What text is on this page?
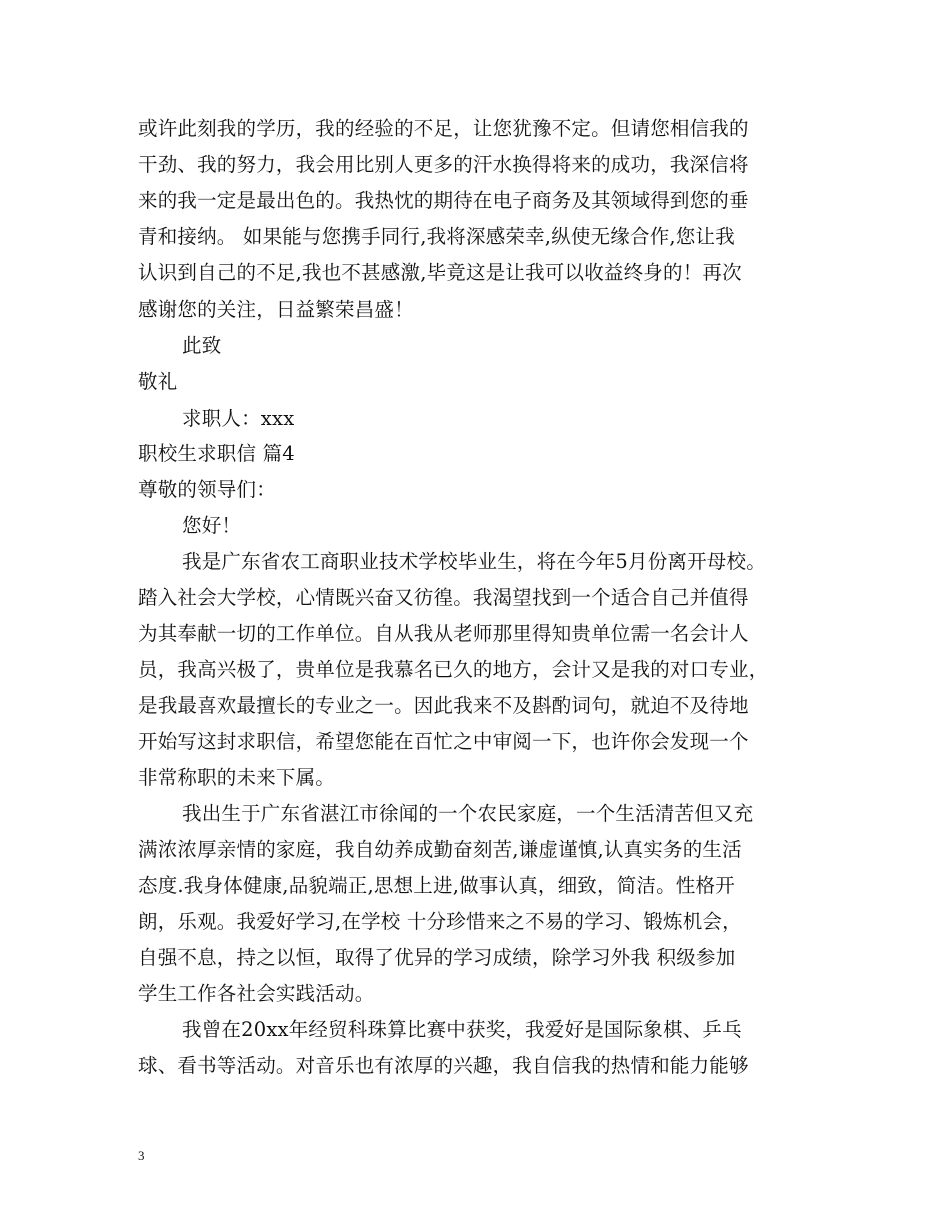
或许此刻我的学历，我的经验的不足，让您犹豫不定。但请您相信我的
干劲、我的努力，我会用比别人更多的汗水换得将来的成功，我深信将
来的我一定是最出色的。我热忱的期待在电子商务及其领域得到您的垂
青和接纳。 如果能与您携手同行,我将深感荣幸,纵使无缘合作,您让我
认识到自己的不足,我也不甚感激,毕竟这是让我可以收益终身的！再次
感谢您的关注，日益繁荣昌盛！
此致
敬礼
求职人：xxx
职校生求职信 篇4
尊敬的领导们：
您好！
我是广东省农工商职业技术学校毕业生，将在今年5月份离开母校。
踏入社会大学校，心情既兴奋又彷徨。我渴望找到一个适合自己并值得
为其奉献一切的工作单位。自从我从老师那里得知贵单位需一名会计人
员，我高兴极了，贵单位是我慕名已久的地方，会计又是我的对口专业，
是我最喜欢最擅长的专业之一。因此我来不及斟酌词句，就迫不及待地
开始写这封求职信，希望您能在百忙之中审阅一下，也许你会发现一个
非常称职的未来下属。
我出生于广东省湛江市徐闻的一个农民家庭，一个生活清苦但又充
满浓浓厚亲情的家庭，我自幼养成勤奋刻苦,谦虚谨慎,认真实务的生活
态度.我身体健康,品貌端正,思想上进,做事认真，细致，简洁。性格开
朗，乐观。我爱好学习,在学校 十分珍惜来之不易的学习、锻炼机会，
自强不息，持之以恒，取得了优异的学习成绩，除学习外我 积级参加
学生工作各社会实践活动。
我曾在20xx年经贸科珠算比赛中获奖，我爱好是国际象棋、乒乓
球、看书等活动。对音乐也有浓厚的兴趣，我自信我的热情和能力能够
3
